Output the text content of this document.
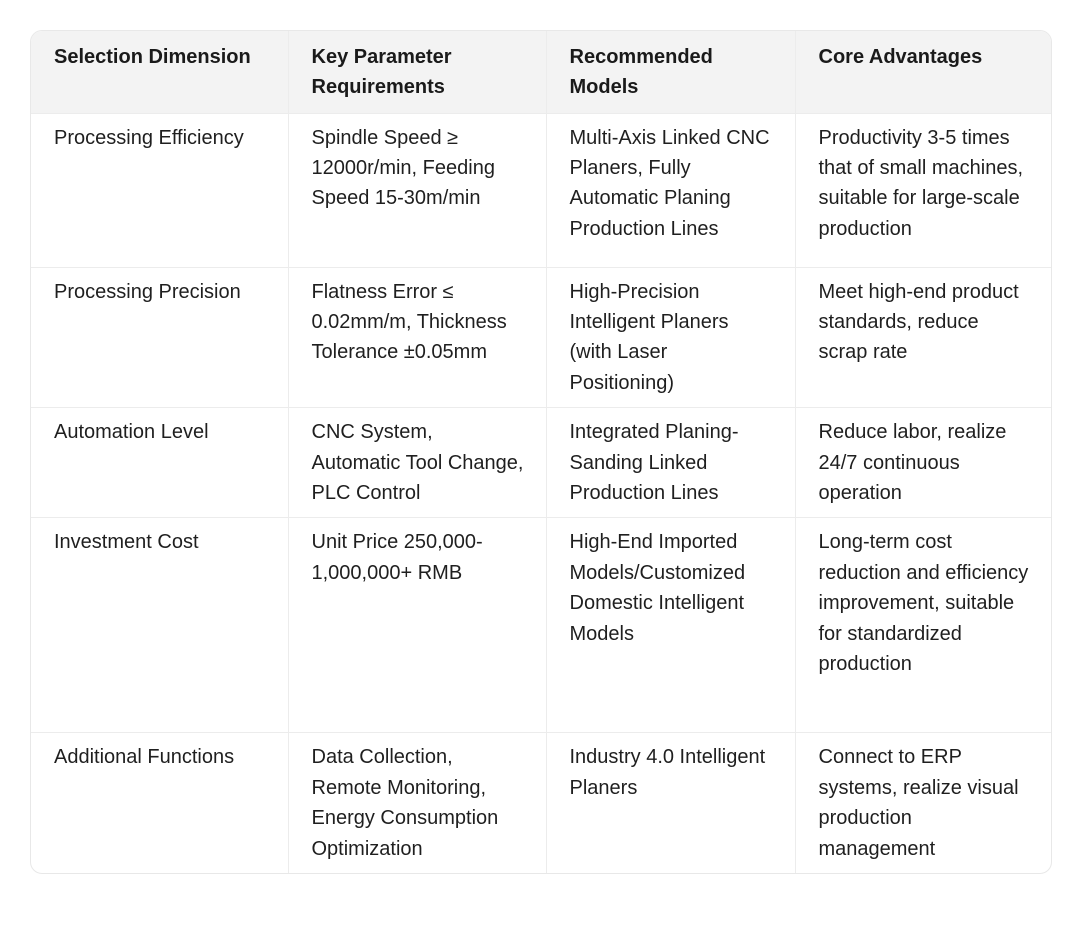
Selection Dimension	Key Parameter Requirements	Recommended Models	Core Advantages
Processing Efficiency	Spindle Speed ≥ 12000r/min, Feeding Speed 15-30m/min	Multi-Axis Linked CNC Planers, Fully Automatic Planing Production Lines	Productivity 3-5 times that of small machines, suitable for large-scale production
Processing Precision	Flatness Error ≤ 0.02mm/m, Thickness Tolerance ±0.05mm	High-Precision Intelligent Planers (with Laser Positioning)	Meet high-end product standards, reduce scrap rate
Automation Level	CNC System, Automatic Tool Change, PLC Control	Integrated Planing-Sanding Linked Production Lines	Reduce labor, realize 24/7 continuous operation
Investment Cost	Unit Price 250,000-1,000,000+ RMB	High-End Imported Models/Customized Domestic Intelligent Models	Long-term cost reduction and efficiency improvement, suitable for standardized production
Additional Functions	Data Collection, Remote Monitoring, Energy Consumption Optimization	Industry 4.0 Intelligent Planers	Connect to ERP systems, realize visual production management
